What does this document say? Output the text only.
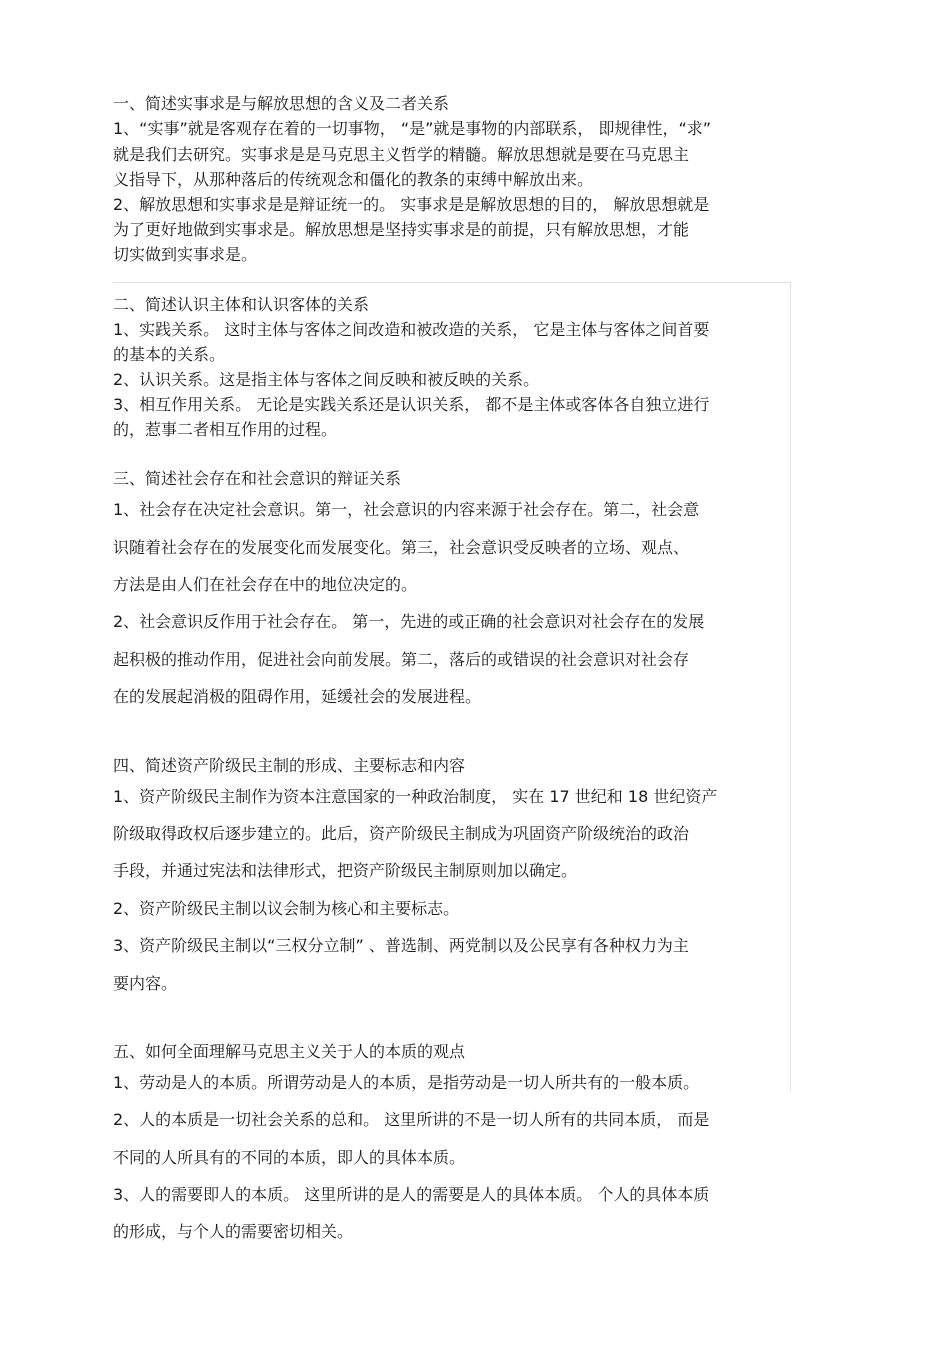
一、简述实事求是与解放思想的含义及二者关系

1、“实事”就是客观存在着的一切事物， “是”就是事物的内部联系， 即规律性，“求”

就是我们去研究。实事求是是马克思主义哲学的精髓。解放思想就是要在马克思主

义指导下，从那种落后的传统观念和僵化的教条的束缚中解放出来。

2、解放思想和实事求是是辩证统一的。 实事求是是解放思想的目的， 解放思想就是

为了更好地做到实事求是。解放思想是坚持实事求是的前提，只有解放思想，才能

切实做到实事求是。

二、简述认识主体和认识客体的关系

1、实践关系。 这时主体与客体之间改造和被改造的关系， 它是主体与客体之间首要

的基本的关系。

2、认识关系。这是指主体与客体之间反映和被反映的关系。

3、相互作用关系。 无论是实践关系还是认识关系， 都不是主体或客体各自独立进行

的，惹事二者相互作用的过程。

三、简述社会存在和社会意识的辩证关系

1、社会存在决定社会意识。第一，社会意识的内容来源于社会存在。第二，社会意

识随着社会存在的发展变化而发展变化。第三，社会意识受反映者的立场、观点、

方法是由人们在社会存在中的地位决定的。

2、社会意识反作用于社会存在。 第一，先进的或正确的社会意识对社会存在的发展

起积极的推动作用，促进社会向前发展。第二，落后的或错误的社会意识对社会存

在的发展起消极的阻碍作用，延缓社会的发展进程。

四、简述资产阶级民主制的形成、主要标志和内容

1、资产阶级民主制作为资本注意国家的一种政治制度， 实在 17 世纪和 18 世纪资产

阶级取得政权后逐步建立的。此后，资产阶级民主制成为巩固资产阶级统治的政治

手段，并通过宪法和法律形式，把资产阶级民主制原则加以确定。

2、资产阶级民主制以议会制为核心和主要标志。

3、资产阶级民主制以“三权分立制” 、普选制、两党制以及公民享有各种权力为主

要内容。

五、如何全面理解马克思主义关于人的本质的观点

1、劳动是人的本质。所谓劳动是人的本质，是指劳动是一切人所共有的一般本质。

2、人的本质是一切社会关系的总和。 这里所讲的不是一切人所有的共同本质， 而是

不同的人所具有的不同的本质，即人的具体本质。

3、人的需要即人的本质。 这里所讲的是人的需要是人的具体本质。 个人的具体本质

的形成，与个人的需要密切相关。
